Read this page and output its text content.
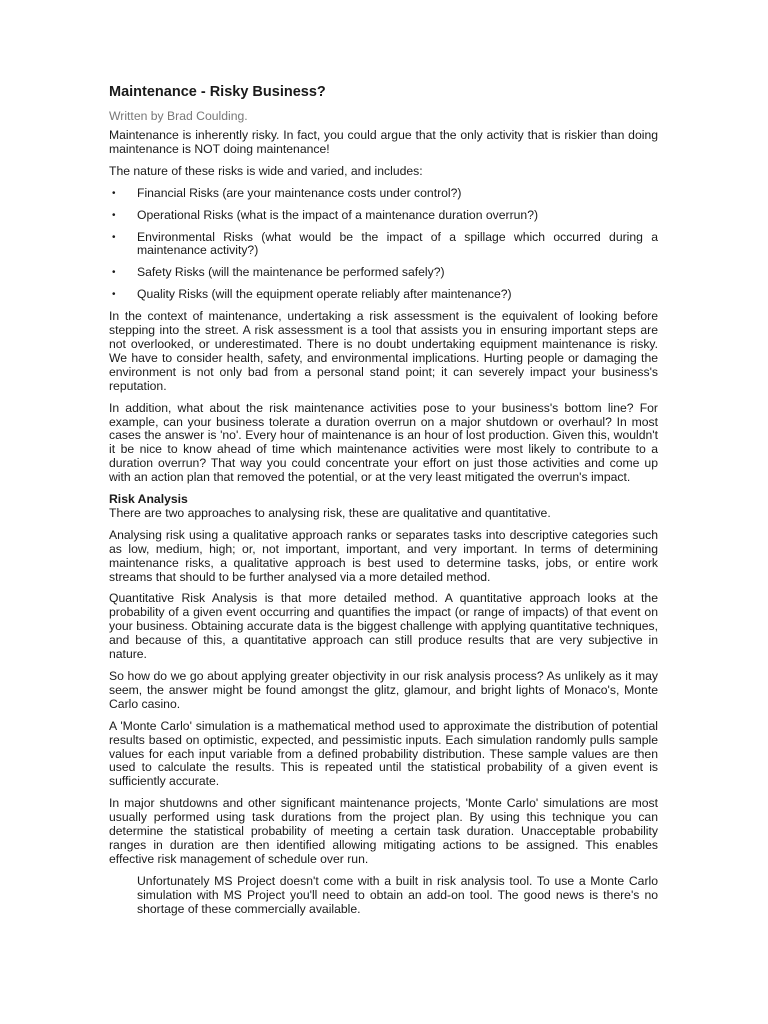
Maintenance - Risky Business?
Written by Brad Coulding.

Maintenance is inherently risky. In fact, you could argue that the only activity that is riskier than doing maintenance is NOT doing maintenance!

The nature of these risks is wide and varied, and includes:

• Financial Risks (are your maintenance costs under control?)
• Operational Risks (what is the impact of a maintenance duration overrun?)
• Environmental Risks (what would be the impact of a spillage which occurred during a maintenance activity?)
• Safety Risks (will the maintenance be performed safely?)
• Quality Risks (will the equipment operate reliably after maintenance?)

In the context of maintenance, undertaking a risk assessment is the equivalent of looking before stepping into the street. A risk assessment is a tool that assists you in ensuring important steps are not overlooked, or underestimated. There is no doubt undertaking equipment maintenance is risky. We have to consider health, safety, and environmental implications. Hurting people or damaging the environment is not only bad from a personal stand point; it can severely impact your business's reputation.

In addition, what about the risk maintenance activities pose to your business's bottom line? For example, can your business tolerate a duration overrun on a major shutdown or overhaul? In most cases the answer is 'no'. Every hour of maintenance is an hour of lost production. Given this, wouldn't it be nice to know ahead of time which maintenance activities were most likely to contribute to a duration overrun? That way you could concentrate your effort on just those activities and come up with an action plan that removed the potential, or at the very least mitigated the overrun's impact.

Risk Analysis

There are two approaches to analysing risk, these are qualitative and quantitative.

Analysing risk using a qualitative approach ranks or separates tasks into descriptive categories such as low, medium, high; or, not important, important, and very important. In terms of determining maintenance risks, a qualitative approach is best used to determine tasks, jobs, or entire work streams that should to be further analysed via a more detailed method.

Quantitative Risk Analysis is that more detailed method. A quantitative approach looks at the probability of a given event occurring and quantifies the impact (or range of impacts) of that event on your business. Obtaining accurate data is the biggest challenge with applying quantitative techniques, and because of this, a quantitative approach can still produce results that are very subjective in nature.

So how do we go about applying greater objectivity in our risk analysis process? As unlikely as it may seem, the answer might be found amongst the glitz, glamour, and bright lights of Monaco's, Monte Carlo casino.

A 'Monte Carlo' simulation is a mathematical method used to approximate the distribution of potential results based on optimistic, expected, and pessimistic inputs. Each simulation randomly pulls sample values for each input variable from a defined probability distribution. These sample values are then used to calculate the results. This is repeated until the statistical probability of a given event is sufficiently accurate.

In major shutdowns and other significant maintenance projects, 'Monte Carlo' simulations are most usually performed using task durations from the project plan. By using this technique you can determine the statistical probability of meeting a certain task duration. Unacceptable probability ranges in duration are then identified allowing mitigating actions to be assigned. This enables effective risk management of schedule over run.

Unfortunately MS Project doesn't come with a built in risk analysis tool. To use a Monte Carlo simulation with MS Project you'll need to obtain an add-on tool. The good news is there's no shortage of these commercially available.
